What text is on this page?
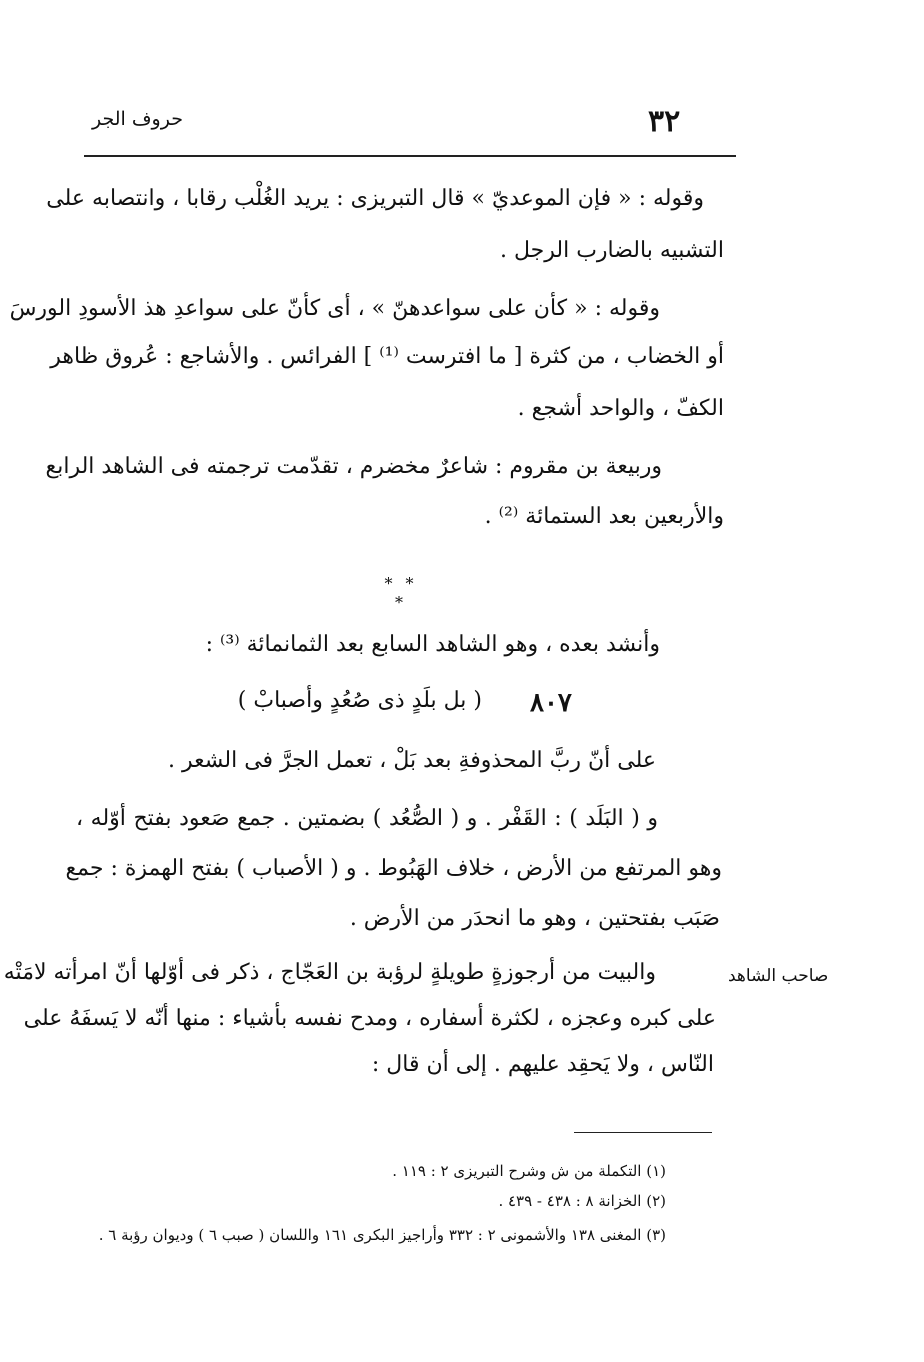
حروف الجر	٣٢
وقوله : « فإن الموعديّ » قال التبريزى : يريد الغُلْب رقابا ، وانتصابه على
التشبيه بالضارب الرجل .
وقوله : « كأن على سواعدهنّ » ، أى كأنّ على سواعدِ هذ الأسودِ الورسَ
أو الخضاب ، من كثرة [ ما افترست ⁽¹⁾ ] الفرائس . والأشاجع : عُروق ظاهر
الكفّ ، والواحد أشجع .
وربيعة بن مقروم : شاعرٌ مخضرم ، تقدّمت ترجمته فى الشاهد الرابع
والأربعين بعد الستمائة ⁽²⁾ .
* * *
وأنشد بعده ، وهو الشاهد السابع بعد الثمانمائة ⁽³⁾ :
٨٠٧
( بل بلَدٍ ذى صُعُدٍ وأصبابْ )
على أنّ ربَّ المحذوفةِ بعد بَلْ ، تعمل الجرَّ فى الشعر .
و ( البَلَد ) : القَفْر . و ( الصُّعُد ) بضمتين . جمع صَعود بفتح أوّله ،
وهو المرتفع من الأرض ، خلاف الهَبُوط . و ( الأصباب ) بفتح الهمزة : جمع
صَبَب بفتحتين ، وهو ما انحدَر من الأرض .
صاحب الشاهد
والبيت من أرجوزةٍ طويلةٍ لرؤبة بن العَجّاج ، ذكر فى أوّلها أنّ امرأته لامَتْه
على كبره وعجزه ، لكثرة أسفاره ، ومدح نفسه بأشياء : منها أنّه لا يَسفَهُ على
النّاس ، ولا يَحقِد عليهم . إلى أن قال :
(١) التكملة من ش وشرح التبريزى ٢ : ١١٩ .
(٢) الخزانة ٨ : ٤٣٨ - ٤٣٩ .
(٣) المغنى ١٣٨ والأشمونى ٢ : ٣٣٢ وأراجيز البكرى ١٦١ واللسان ( صبب ٦ ) وديوان رؤبة ٦ .
